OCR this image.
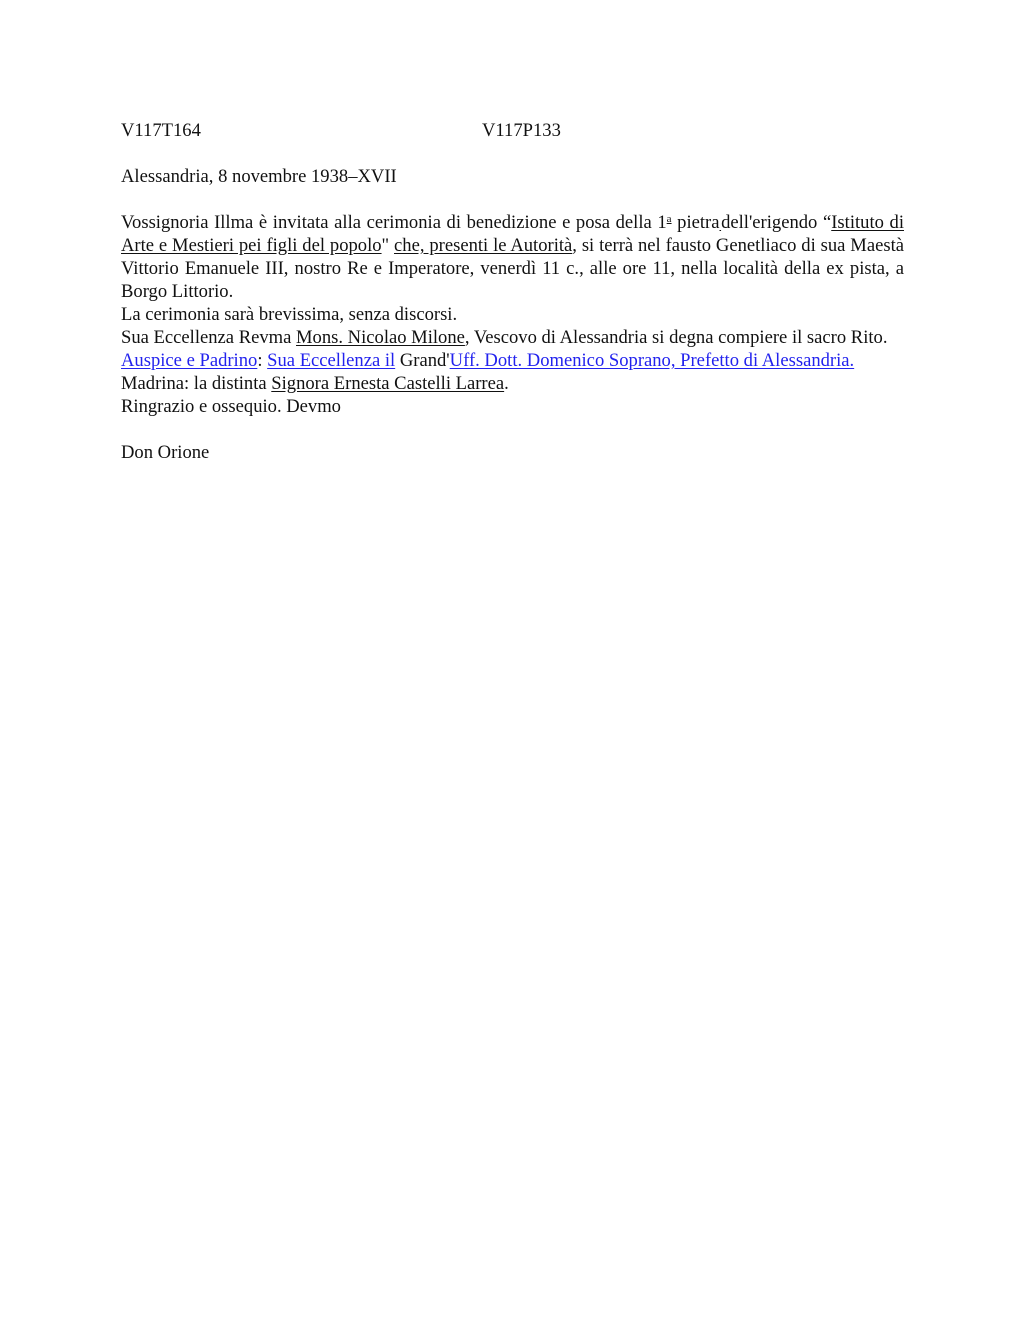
V117T164	V117P133
Alessandria, 8 novembre 1938–XVII
Vossignoria Illma è invitata alla cerimonia di benedizione e posa della 1$^a$ pietra dell'erigendo “Istituto di Arte e Mestieri pei figli del popolo" che, presenti le Autorità, si terrà nel fausto Genetliaco di sua Maestà Vittorio Emanuele III, nostro Re e Imperatore, venerdì 11 c., alle ore 11, nella località della ex pista, a Borgo Littorio.
La cerimonia sarà brevissima, senza discorsi.
Sua Eccellenza Revma Mons. Nicolao Milone, Vescovo di Alessandria si degna compiere il sacro Rito.
Auspice e Padrino: Sua Eccellenza il Grand'Uff. Dott. Domenico Soprano, Prefetto di Alessandria.
Madrina: la distinta Signora Ernesta Castelli Larrea.
Ringrazio e ossequio. Devmo
Don Orione
